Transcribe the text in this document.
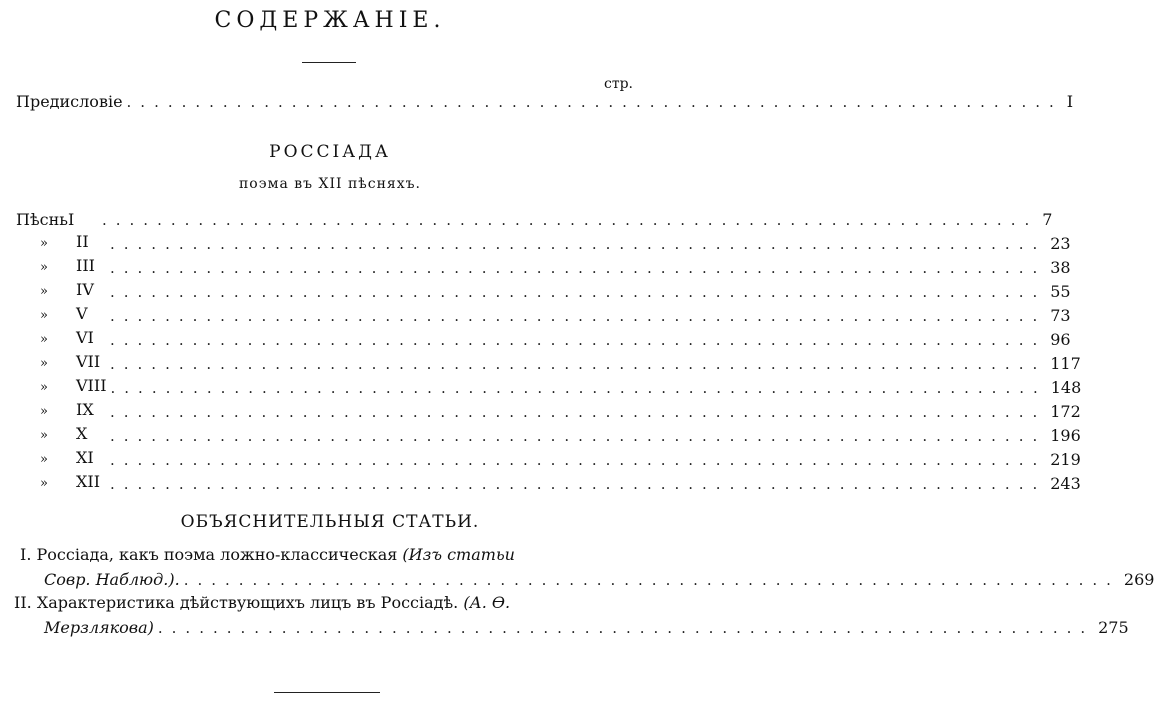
СОДЕРЖАНІЕ.
стр.
Предисловіе .................................................................... I
РОССІАДА
поэма въ XII пѣсняхъ.
ПѣсньI	.................................................................... 7
» II	.................................................................... 23
» III	.................................................................... 38
» IV	.................................................................... 55
» V	.................................................................... 73
» VI	.................................................................... 96
» VII .................................................................... 117
» VIII .................................................................... 148
» IX	.................................................................... 172
» X	.................................................................... 196
» XI	.................................................................... 219
» XII .................................................................... 243
ОБЪЯСНИТЕЛЬНЫЯ СТАТЬИ.
I. Россіада, какъ поэма ложно-классическая (Изъ статьи
Совр. Наблюд.). .................................................................... 269
II. Характеристика дѣйствующихъ лицъ въ Россіадѣ. (А. Ѳ.
Мерзлякова) .................................................................... 275
